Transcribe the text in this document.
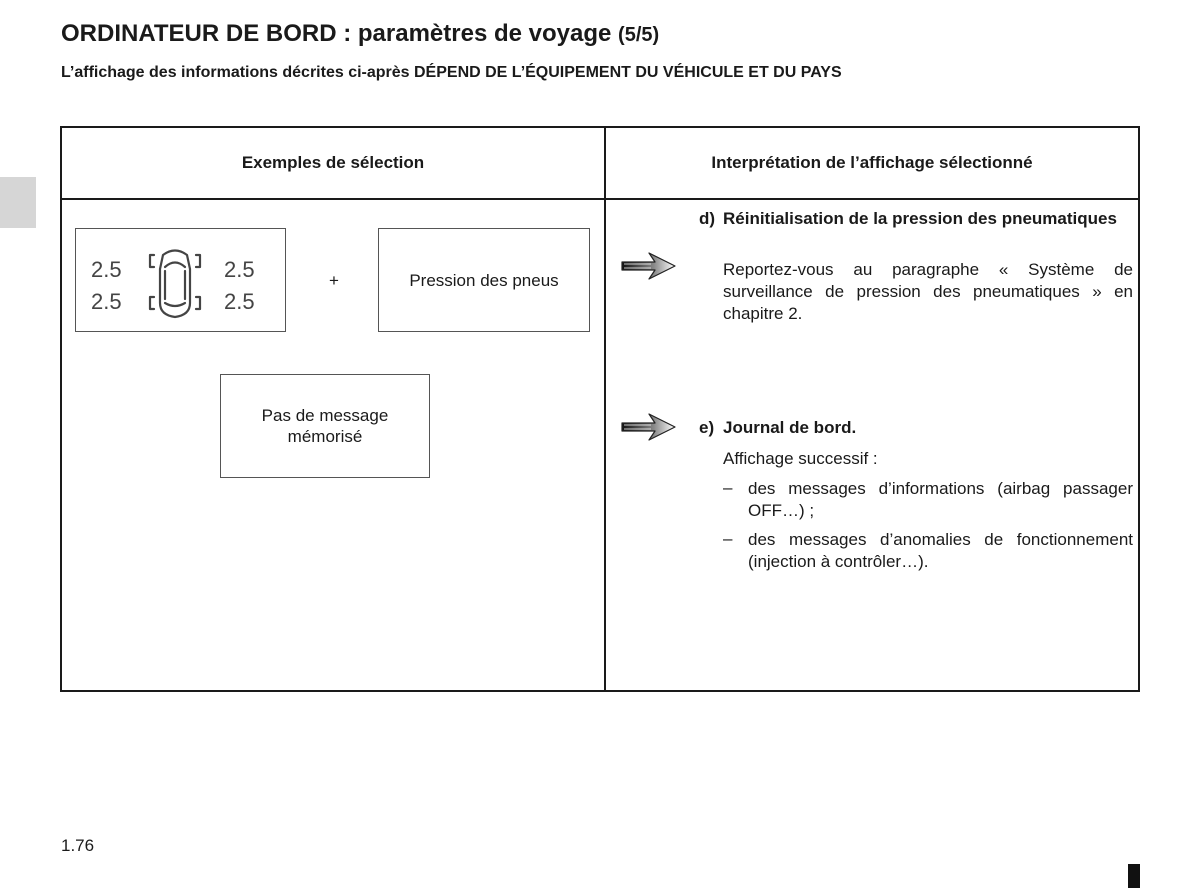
ORDINATEUR DE BORD : paramètres de voyage (5/5)
L’affichage des informations décrites ci-après DÉPEND DE L’ÉQUIPEMENT DU VÉHICULE ET DU PAYS
Exemples de sélection	Interprétation de l’affichage sélectionné
2.5
2.5
2.5
2.5
+	Pression des pneus
Pas de message
mémorisé
d) Réinitialisation de la pression des pneumatiques
Reportez-vous au paragraphe « Système de surveillance de pression des pneumatiques » en chapitre 2.
e) Journal de bord.
Affichage successif :
– des messages d’informations (airbag passager OFF…) ;
– des messages d’anomalies de fonctionnement (injection à contrôler…).
1.76
